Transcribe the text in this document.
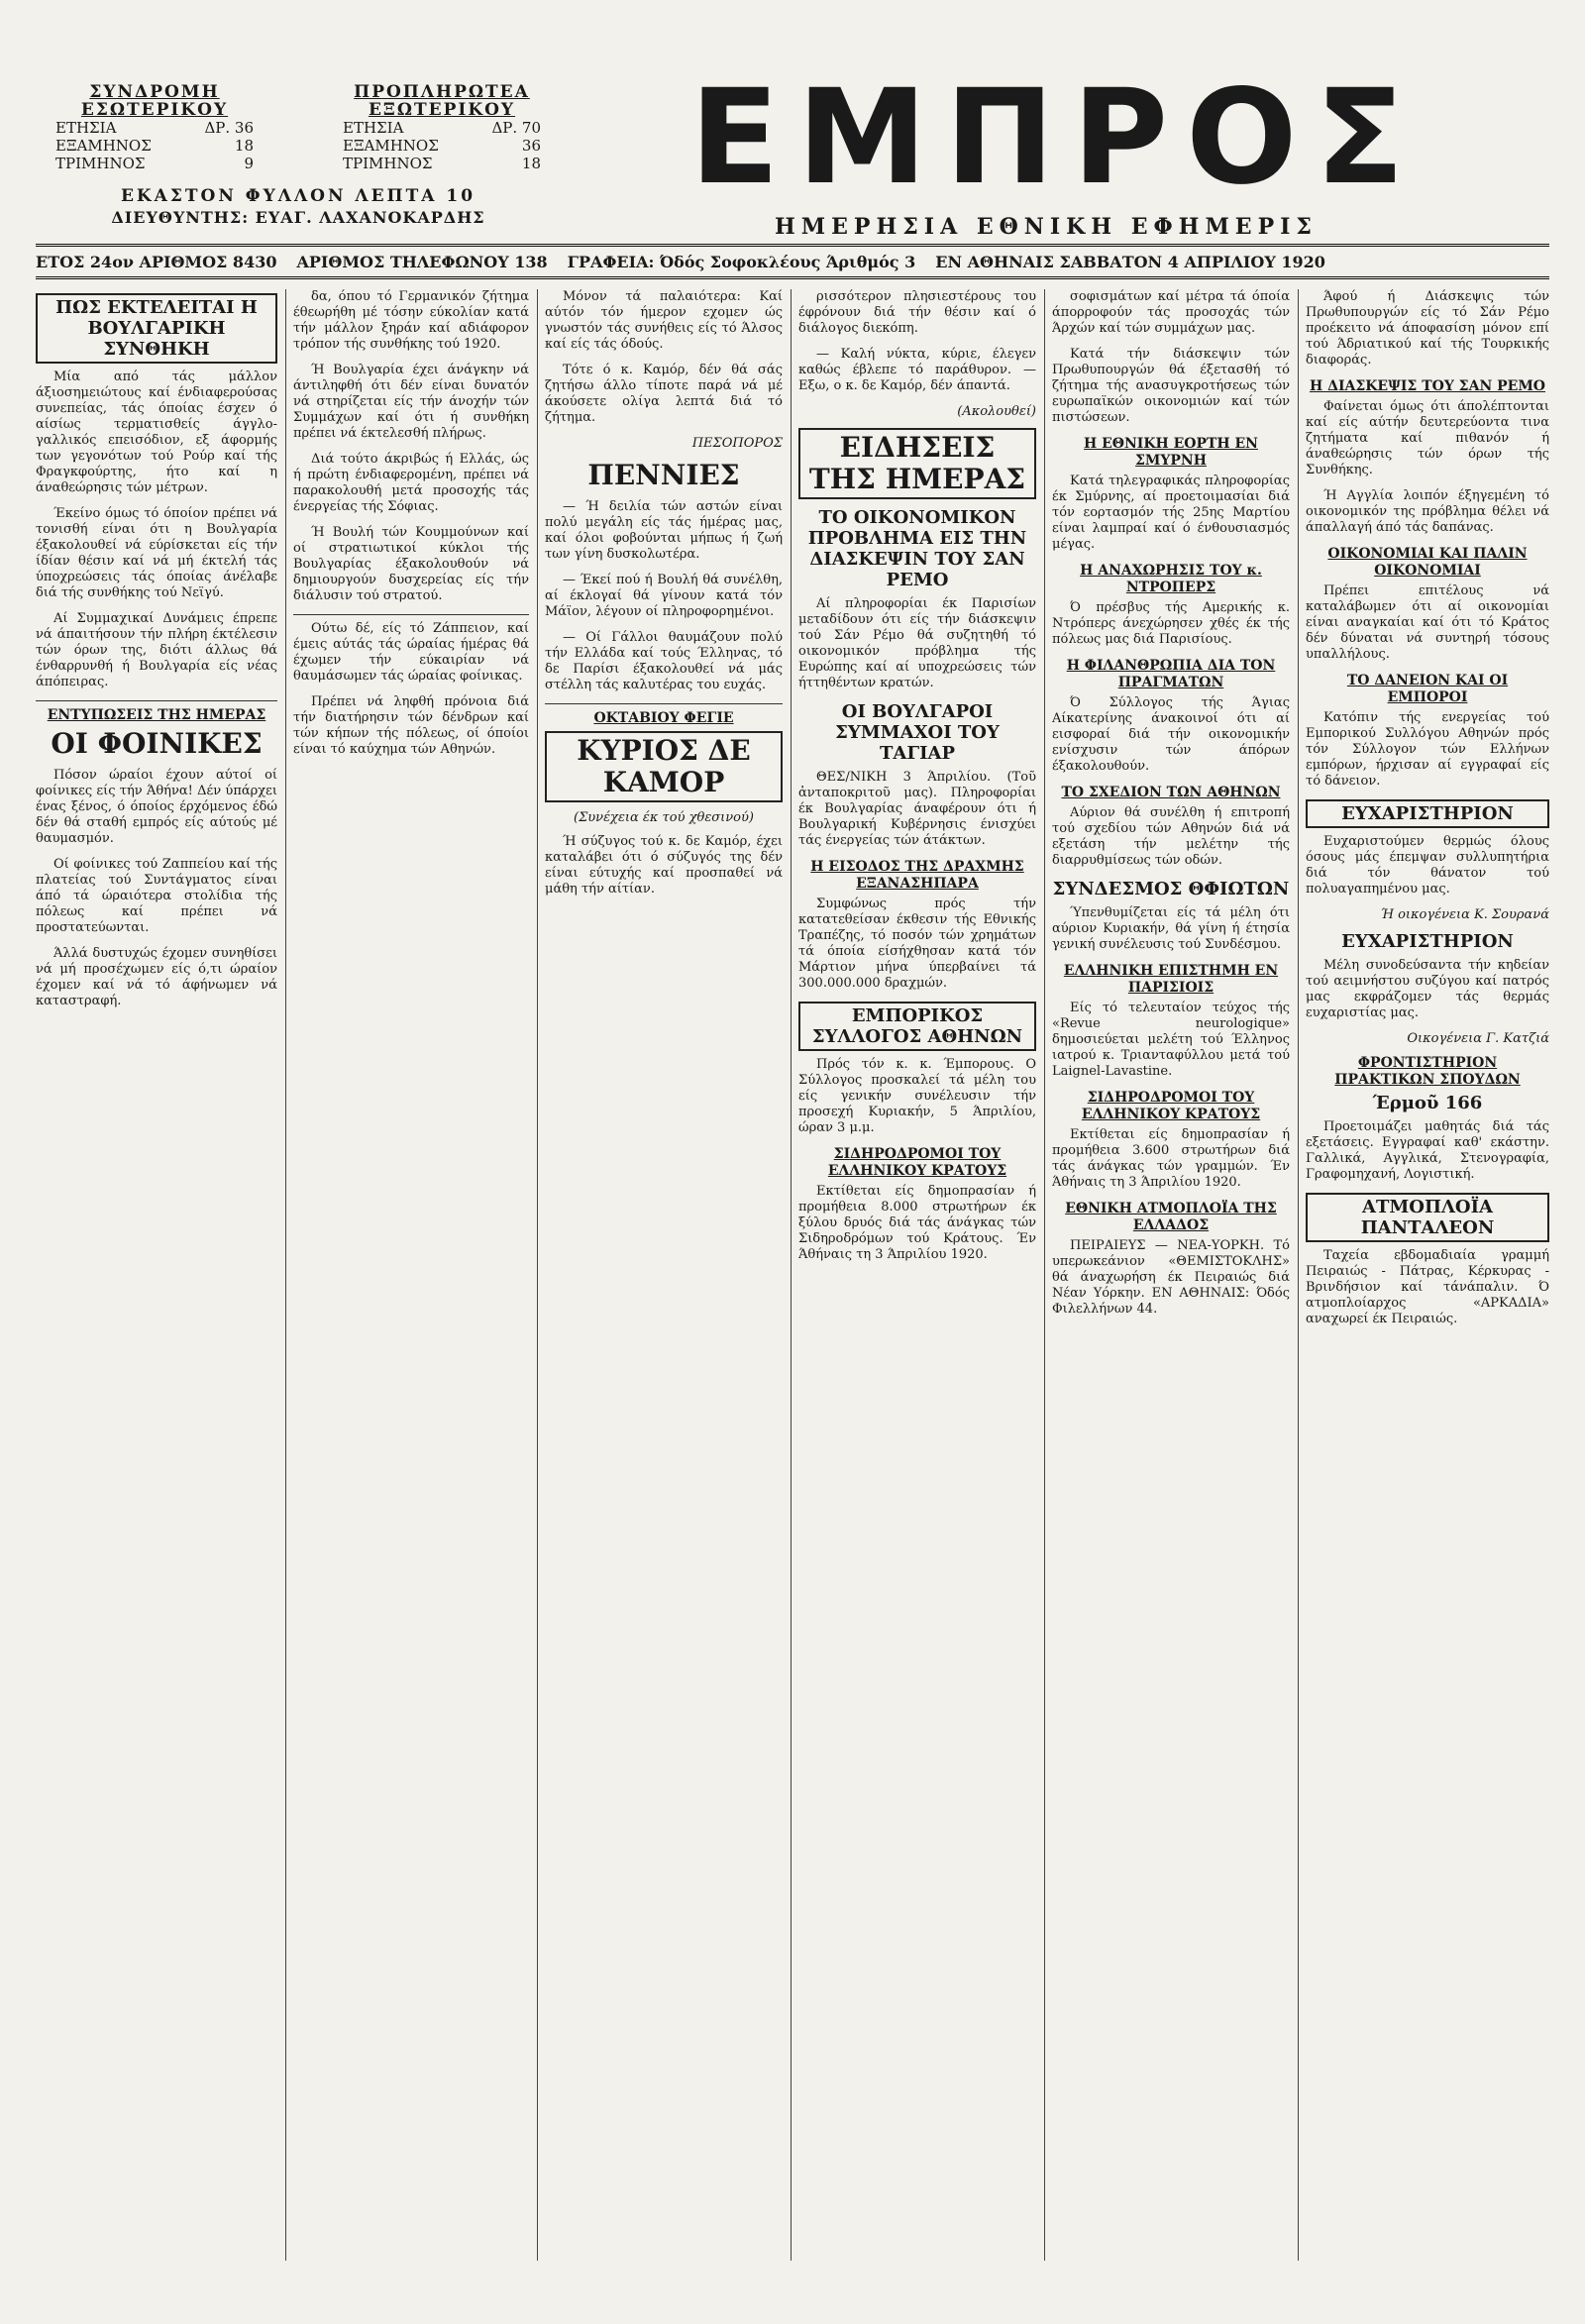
ΣΥΝΔΡΟΜΗ ΕΣΩΤΕΡΙΚΟΥ
ΕΤΗΣΙΑ	ΔΡ. 36
ΕΞΑΜΗΝΟΣ	18
ΤΡΙΜΗΝΟΣ	9
ΠΡΟΠΛΗΡΩΤΕΑ ΕΞΩΤΕΡΙΚΟΥ
ΕΤΗΣΙΑ	ΔΡ. 70
ΕΞΑΜΗΝΟΣ	36
ΤΡΙΜΗΝΟΣ	18
ΕΚΑΣΤΟΝ ΦΥΛΛΟΝ ΛΕΠΤΑ 10
ΔΙΕΥΘΥΝΤΗΣ: ΕΥΑΓ. ΛΑΧΑΝΟΚΑΡΔΗΣ
ΕΜΠΡΟΣ
ΗΜΕΡΗΣΙΑ ΕΘΝΙΚΗ ΕΦΗΜΕΡΙΣ
ΕΤΟΣ 24ον ΑΡΙΘΜΟΣ 8430 ΑΡΙΘΜΟΣ ΤΗΛΕΦΩΝΟΥ 138 ΓΡΑΦΕΙΑ: Όδός Σοφοκλέους Άριθμός 3 ΕΝ ΑΘΗΝΑΙΣ ΣΑΒΒΑΤΟΝ 4 ΑΠΡΙΛΙΟΥ 1920
ΠΩΣ ΕΚΤΕΛΕΙΤΑΙ Η ΒΟΥΛΓΑΡΙΚΗ ΣΥΝΘΗΚΗ

Μία από τάς μάλλον άξιοσημειώτους καί ένδιαφερούσας συνεπείας, τάς όποίας έσχεν ό αίσίως τερματισθείς άγγλο-γαλλικός επεισόδιον, εξ άφορμής των γεγονότων τού Ρούρ καί τής Φραγκφούρτης, ήτο καί η άναθεώρησις τών μέτρων.

Έκείνο όμως τό όποίον πρέπει νά τονισθή είναι ότι η Βουλγαρία έξακολουθεί νά εύρίσκεται είς τήν ίδίαν θέσιν καί νά μή έκτελή τάς ύποχρεώσεις τάς όποίας άνέλαβε διά τής συνθήκης τού Νεϊγύ.

Αί Συμμαχικαί Δυνάμεις έπρεπε νά άπαιτήσουν τήν πλήρη έκτέλεσιν τών όρων της, διότι άλλως θά ένθαρρυνθή ή Βουλγαρία είς νέας άπόπειρας.

ΕΝΤΥΠΩΣΕΙΣ ΤΗΣ ΗΜΕΡΑΣ
ΟΙ ΦΟΙΝΙΚΕΣ

Πόσον ώραίοι έχουν αύτοί οί φοίνικες είς τήν Άθήνα! Δέν ύπάρχει ένας ξένος, ό όποίος έρχόμενος έδώ δέν θά σταθή εμπρός είς αύτούς μέ θαυμασμόν.

Οί φοίνικες τού Ζαππείου καί τής πλατείας τού Συντάγματος είναι άπό τά ώραιότερα στολίδια τής πόλεως καί πρέπει νά προστατεύωνται.

Άλλά δυστυχώς έχομεν συνηθίσει νά μή προσέχωμεν είς ό,τι ώραίον έχομεν καί νά τό άφήνωμεν νά καταστραφή.

δα, όπου τό Γερμανικόν ζήτημα έθεωρήθη μέ τόσην εύκολίαν κατά τήν μάλλον ξηράν καί αδιάφορον τρόπον τής συνθήκης τού 1920.

Ή Βουλγαρία έχει άνάγκην νά άντιληφθή ότι δέν είναι δυνατόν νά στηρίζεται είς τήν άνοχήν τών Συμμάχων καί ότι ή συνθήκη πρέπει νά έκτελεσθή πλήρως.

Διά τούτο άκριβώς ή Ελλάς, ώς ή πρώτη ένδιαφερομένη, πρέπει νά παρακολουθή μετά προσοχής τάς ένεργείας τής Σόφιας.

Ή Βουλή τών Κουμμούνων καί οί στρατιωτικοί κύκλοι τής Βουλγαρίας έξακολουθούν νά δημιουργούν δυσχερείας είς τήν διάλυσιν τού στρατού.

Ούτω δέ, είς τό Ζάππειον, καί έμεις αύτάς τάς ώραίας ήμέρας θά έχωμεν τήν εύκαιρίαν νά θαυμάσωμεν τάς ώραίας φοίνικας.

Πρέπει νά ληφθή πρόνοια διά τήν διατήρησιν τών δένδρων καί τών κήπων τής πόλεως, οί όποίοι είναι τό καύχημα τών Αθηνών.

Μόνον τά παλαιότερα: Καί αύτόν τόν ήμερον εχομεν ώς γνωστόν τάς συνήθεις είς τό Άλσος καί είς τάς όδούς.

Τότε ό κ. Καμόρ, δέν θά σάς ζητήσω άλλο τίποτε παρά νά μέ άκούσετε ολίγα λεπτά διά τό ζήτημα.

ΠΕΣΟΠΟΡΟΣ
ΠΕΝΝΙΕΣ

— Ή δειλία τών αστών είναι πολύ μεγάλη είς τάς ήμέρας μας, καί όλοι φοβούνται μήπως ή ζωή των γίνη δυσκολωτέρα.

— Έκεί πού ή Βουλή θά συνέλθη, αί έκλογαί θά γίνουν κατά τόν Μάϊον, λέγουν οί πληροφορημένοι.

— Οί Γάλλοι θαυμάζουν πολύ τήν Ελλάδα καί τούς Έλληνας, τό δε Παρίσι έξακολουθεί νά μάς στέλλη τάς καλυτέρας του ευχάς.

ΟΚΤΑΒΙΟΥ ΦΕΓΙΕ
ΚΥΡΙΟΣ ΔΕ ΚΑΜΟΡ
(Συνέχεια έκ τού χθεσινού)

Ή σύζυγος τού κ. δε Καμόρ, έχει καταλάβει ότι ό σύζυγός της δέν είναι εύτυχής καί προσπαθεί νά μάθη τήν αίτίαν.

ρισσότερον πλησιεστέρους του έφρόνουν διά τήν θέσιν καί ό διάλογος διεκόπη.

— Καλή νύκτα, κύριε, έλεγεν καθώς έβλεπε τό παράθυρον. — Εξω, ο κ. δε Καμόρ, δέν άπαντά.

(Ακολουθεί)
ΕΙΔΗΣΕΙΣ ΤΗΣ ΗΜΕΡΑΣ
ΤΟ ΟΙΚΟΝΟΜΙΚΟΝ ΠΡΟΒΛΗΜΑ ΕΙΣ ΤΗΝ ΔΙΑΣΚΕΨΙΝ ΤΟΥ ΣΑΝ ΡΕΜΟ

Αί πληροφορίαι έκ Παρισίων μεταδίδουν ότι είς τήν διάσκεψιν τού Σάν Ρέμο θά συζητηθή τό οικονομικόν πρόβλημα τής Ευρώπης καί αί υποχρεώσεις τών ήττηθέντων κρατών.

ΟΙ ΒΟΥΛΓΑΡΟΙ ΣΥΜΜΑΧΟΙ ΤΟΥ ΤΑΓΙΑΡ

ΘΕΣ/ΝΙΚΗ 3 Άπριλίου. (Τοῦ ἀνταποκριτοῦ μας). Πληροφορίαι έκ Βουλγαρίας άναφέρουν ότι ή Βουλγαρική Κυβέρνησις ένισχύει τάς ένεργείας τών άτάκτων.

Η ΕΙΣΟΔΟΣ ΤΗΣ ΔΡΑΧΜΗΣ ΕΞΑΝΑΣΗΠΑΡΑ

Συμφώνως πρός τήν κατατεθείσαν έκθεσιν τής Εθνικής Τραπέζης, τό ποσόν τών χρημάτων τά όποία είσήχθησαν κατά τόν Μάρτιον μήνα ύπερβαίνει τά 300.000.000 δραχμών.

ΕΜΠΟΡΙΚΟΣ ΣΥΛΛΟΓΟΣ ΑΘΗΝΩΝ

Πρός τόν κ. κ. Έμπορους. Ο Σύλλογος προσκαλεί τά μέλη του είς γενικήν συνέλευσιν τήν προσεχή Κυριακήν, 5 Άπριλίου, ώραν 3 μ.μ.

ΣΙΔΗΡΟΔΡΟΜΟΙ ΤΟΥ ΕΛΛΗΝΙΚΟΥ ΚΡΑΤΟΥΣ

Εκτίθεται είς δημοπρασίαν ή προμήθεια 8.000 στρωτήρων έκ ξύλου δρυός διά τάς άνάγκας τών Σιδηροδρόμων τού Κράτους. Έν Άθήναις τη 3 Άπριλίου 1920.

σοφισμάτων καί μέτρα τά όποία άπορροφούν τάς προσοχάς τών Άρχών καί τών συμμάχων μας.

Κατά τήν διάσκεψιν τών Πρωθυπουργών θά έξετασθή τό ζήτημα τής ανασυγκροτήσεως τών ευρωπαϊκών οικονομιών καί τών πιστώσεων.

Η ΕΘΝΙΚΗ ΕΟΡΤΗ ΕΝ ΣΜΥΡΝΗ

Κατά τηλεγραφικάς πληροφορίας έκ Σμύρνης, αί προετοιμασίαι διά τόν εορτασμόν τής 25ης Μαρτίου είναι λαμπραί καί ό ένθουσιασμός μέγας.

Η ΑΝΑΧΩΡΗΣΙΣ ΤΟΥ κ. ΝΤΡΟΠΕΡΣ

Ό πρέσβυς τής Αμερικής κ. Ντρόπερς άνεχώρησεν χθές έκ τής πόλεως μας διά Παρισίους.

Η ΦΙΛΑΝΘΡΩΠΙΑ ΔΙΑ ΤΟΝ ΠΡΑΓΜΑΤΩΝ

Ό Σύλλογος τής Άγιας Αίκατερίνης άνακοινοί ότι αί εισφοραί διά τήν οικονομικήν ενίσχυσιν τών άπόρων έξακολουθούν.

ΤΟ ΣΧΕΔΙΟΝ ΤΩΝ ΑΘΗΝΩΝ

Αύριον θά συνέλθη ή επιτροπή τού σχεδίου τών Αθηνών διά νά εξετάση τήν μελέτην τής διαρρυθμίσεως τών οδών.

ΣΥΝΔΕΣΜΟΣ ΘΦΙΩΤΩΝ

Ύπενθυμίζεται είς τά μέλη ότι αύριον Κυριακήν, θά γίνη ή έτησία γενική συνέλευσις τού Συνδέσμου.

ΕΛΛΗΝΙΚΗ ΕΠΙΣΤΗΜΗ ΕΝ ΠΑΡΙΣΙΟΙΣ

Είς τό τελευταίον τεύχος τής «Revue neurologique» δημοσιεύεται μελέτη τού Έλληνος ιατρού κ. Τριανταφύλλου μετά τού Laignel-Lavastine.

ΣΙΔΗΡΟΔΡΟΜΟΙ ΤΟΥ ΕΛΛΗΝΙΚΟΥ ΚΡΑΤΟΥΣ

Εκτίθεται είς δημοπρασίαν ή προμήθεια 3.600 στρωτήρων διά τάς άνάγκας τών γραμμών. Έν Άθήναις τη 3 Άπριλίου 1920.

ΕΘΝΙΚΗ ΑΤΜΟΠΛΟΪΑ ΤΗΣ ΕΛΛΑΔΟΣ

ΠΕΙΡΑΙΕΥΣ — ΝΕΑ-ΥΟΡΚΗ. Τό υπερωκεάνιον «ΘΕΜΙΣΤΟΚΛΗΣ» θά άναχωρήση έκ Πειραιώς διά Νέαν Υόρκην. ΕΝ ΑΘΗΝΑΙΣ: Όδός Φιλελλήνων 44.

Άφού ή Διάσκεψις τών Πρωθυπουργών είς τό Σάν Ρέμο προέκειτο νά άποφασίση μόνον επί τού Άδριατικού καί τής Τουρκικής διαφοράς.

Η ΔΙΑΣΚΕΨΙΣ ΤΟΥ ΣΑΝ ΡΕΜΟ

Φαίνεται όμως ότι άπολέπτονται καί είς αύτήν δευτερεύοντα τινα ζητήματα καί πιθανόν ή άναθεώρησις τών όρων τής Συνθήκης.

Ή Αγγλία λοιπόν έξηγεμένη τό οικονομικόν της πρόβλημα θέλει νά άπαλλαγή άπό τάς δαπάνας.

ΟΙΚΟΝΟΜΙΑΙ ΚΑΙ ΠΑΛΙΝ ΟΙΚΟΝΟΜΙΑΙ

Πρέπει επιτέλους νά καταλάβωμεν ότι αί οικονομίαι είναι αναγκαίαι καί ότι τό Κράτος δέν δύναται νά συντηρή τόσους υπαλλήλους.

ΤΟ ΔΑΝΕΙΟΝ ΚΑΙ ΟΙ ΕΜΠΟΡΟΙ

Κατόπιν τής ενεργείας τού Εμπορικού Συλλόγου Αθηνών πρός τόν Σύλλογον τών Ελλήνων εμπόρων, ήρχισαν αί εγγραφαί είς τό δάνειον.

ΕΥΧΑΡΙΣΤΗΡΙΟΝ

Ευχαριστούμεν θερμώς όλους όσους μάς έπεμψαν συλλυπητήρια διά τόν θάνατον τού πολυαγαπημένου μας.

Ή οικογένεια Κ. Σουρανά
ΕΥΧΑΡΙΣΤΗΡΙΟΝ

Μέλη συνοδεύσαντα τήν κηδείαν τού αειμνήστου συζύγου καί πατρός μας εκφράζομεν τάς θερμάς ευχαριστίας μας.

Οικογένεια Γ. Κατζιά
ΦΡΟΝΤΙΣΤΗΡΙΟΝ ΠΡΑΚΤΙΚΩΝ ΣΠΟΥΔΩΝ
Έρμοῦ 166

Προετοιμάζει μαθητάς διά τάς εξετάσεις. Εγγραφαί καθ' εκάστην. Γαλλικά, Αγγλικά, Στενογραφία, Γραφομηχανή, Λογιστική.

ΑΤΜΟΠΛΟΪΑ ΠΑΝΤΑΛΕΟΝ

Ταχεία εβδομαδιαία γραμμή Πειραιώς - Πάτρας, Κέρκυρας - Βρινδήσιον καί τάνάπαλιν. Ό ατμοπλοίαρχος «ΑΡΚΑΔΙΑ» αναχωρεί έκ Πειραιώς.
